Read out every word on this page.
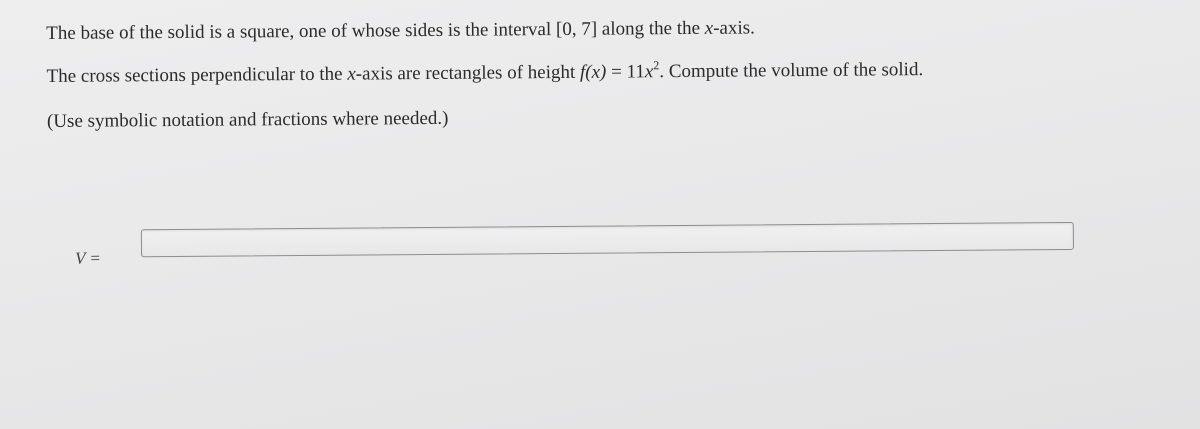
The base of the solid is a square, one of whose sides is the interval [0, 7] along the the x-axis.
The cross sections perpendicular to the x-axis are rectangles of height $f(x) = 11x^2$. Compute the volume of the solid.
(Use symbolic notation and fractions where needed.)
V =
